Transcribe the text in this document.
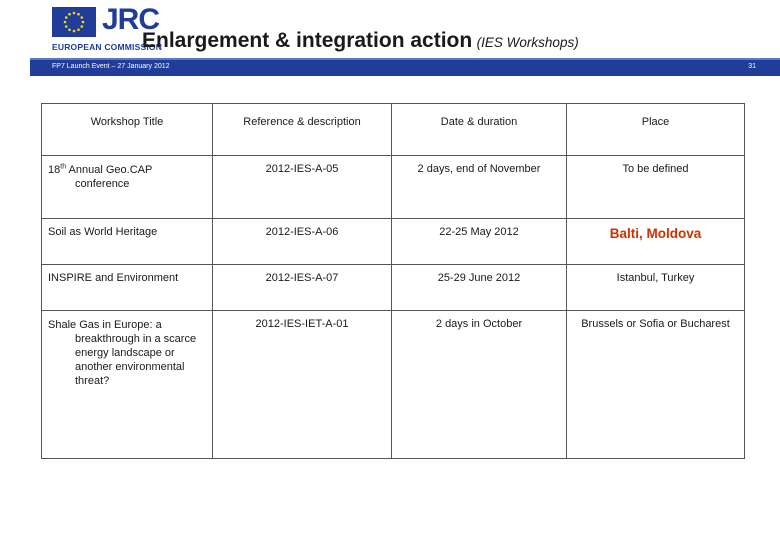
JRC
EUROPEAN COMMISSION
Enlargement & integration action (IES Workshops)
FP7 Launch Event – 27 January 2012	31
Workshop Title	Reference & description	Date & duration	Place

18th Annual Geo.CAP conference	2012-IES-A-05	2 days, end of November	To be defined
Soil as World Heritage	2012-IES-A-06	22-25 May 2012	Balti, Moldova
INSPIRE and Environment	2012-IES-A-07	25-29 June 2012	Istanbul, Turkey

Shale Gas in Europe: a breakthrough in a scarce energy landscape or another environmental threat?	2012-IES-IET-A-01	2 days in October	Brussels or Sofia or Bucharest
